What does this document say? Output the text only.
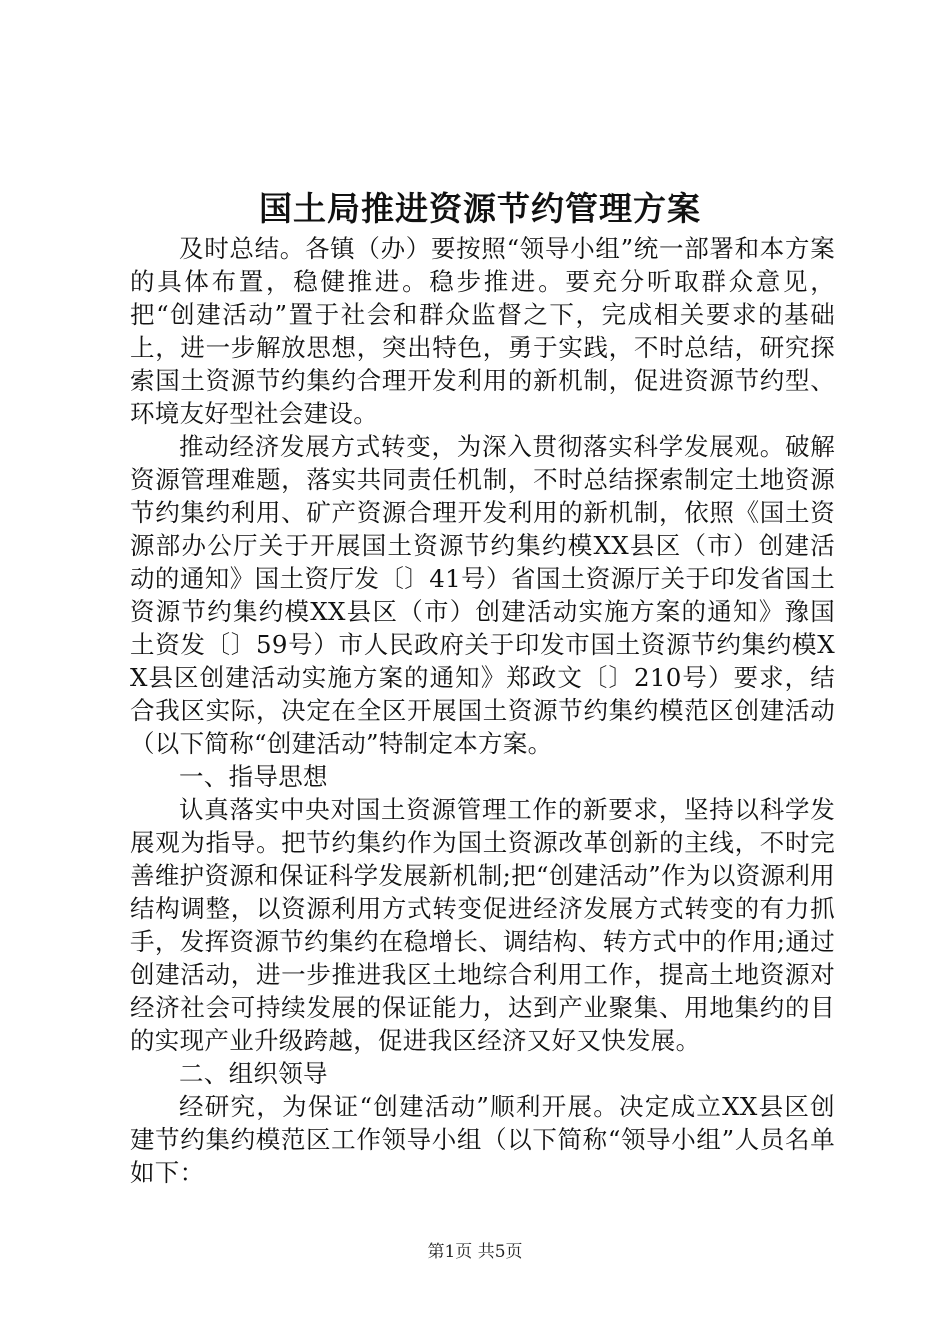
国土局推进资源节约管理方案

及时总结。各镇（办）要按照“领导小组”统一部署和本方案的具体布置，稳健推进。稳步推进。要充分听取群众意见，把“创建活动”置于社会和群众监督之下，完成相关要求的基础上，进一步解放思想，突出特色，勇于实践，不时总结，研究探索国土资源节约集约合理开发利用的新机制，促进资源节约型、环境友好型社会建设。

推动经济发展方式转变，为深入贯彻落实科学发展观。破解资源管理难题，落实共同责任机制，不时总结探索制定土地资源节约集约利用、矿产资源合理开发利用的新机制，依照《国土资源部办公厅关于开展国土资源节约集约模XX县区（市）创建活动的通知》国土资厅发〔〕41号）省国土资源厅关于印发省国土资源节约集约模XX县区（市）创建活动实施方案的通知》豫国土资发〔〕59号）市人民政府关于印发市国土资源节约集约模XX县区创建活动实施方案的通知》郑政文〔〕210号）要求，结合我区实际，决定在全区开展国土资源节约集约模范区创建活动（以下简称“创建活动”特制定本方案。

一、指导思想

认真落实中央对国土资源管理工作的新要求，坚持以科学发展观为指导。把节约集约作为国土资源改革创新的主线，不时完善维护资源和保证科学发展新机制;把“创建活动”作为以资源利用结构调整，以资源利用方式转变促进经济发展方式转变的有力抓手，发挥资源节约集约在稳增长、调结构、转方式中的作用;通过创建活动，进一步推进我区土地综合利用工作，提高土地资源对经济社会可持续发展的保证能力，达到产业聚集、用地集约的目的实现产业升级跨越，促进我区经济又好又快发展。

二、组织领导

经研究，为保证“创建活动”顺利开展。决定成立XX县区创建节约集约模范区工作领导小组（以下简称“领导小组”人员名单如下：

第1页 共5页
